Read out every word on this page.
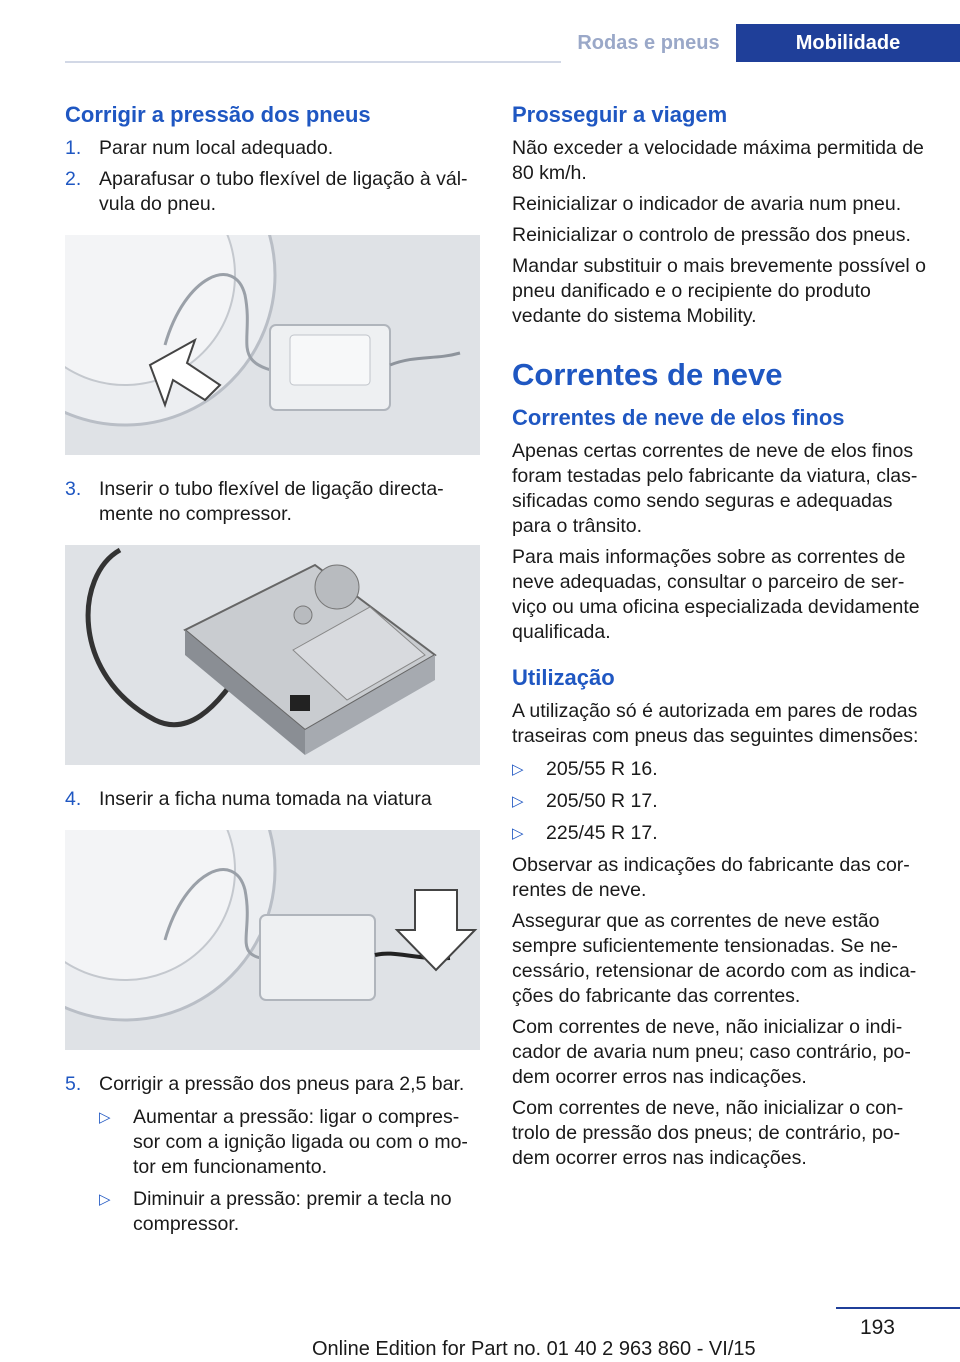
Rodas e pneus	Mobilidade
Corrigir a pressão dos pneus
1. Parar num local adequado.
2. Aparafusar o tubo flexível de ligação à vál‐ vula do pneu.
3. Inserir o tubo flexível de ligação directa‐ mente no compressor.
4. Inserir a ficha numa tomada na viatura
5. Corrigir a pressão dos pneus para 2,5 bar.
▷	Aumentar a pressão: ligar o compres‐ sor com a ignição ligada ou com o mo‐ tor em funcionamento.
▷	Diminuir a pressão: premir a tecla no compressor.
Prosseguir a viagem

Não exceder a velocidade máxima permitida de 80 km/h.

Reinicializar o indicador de avaria num pneu.

Reinicializar o controlo de pressão dos pneus.

Mandar substituir o mais brevemente possível o pneu danificado e o recipiente do produto vedante do sistema Mobility.

Correntes de neve
Correntes de neve de elos finos

Apenas certas correntes de neve de elos finos foram testadas pelo fabricante da viatura, clas‐ sificadas como sendo seguras e adequadas para o trânsito.

Para mais informações sobre as correntes de neve adequadas, consultar o parceiro de ser‐ viço ou uma oficina especializada devidamente qualificada.

Utilização

A utilização só é autorizada em pares de rodas traseiras com pneus das seguintes dimensões:

▷	205/55 R 16.
▷	205/50 R 17.
▷	225/45 R 17.

Observar as indicações do fabricante das cor‐ rentes de neve.

Assegurar que as correntes de neve estão sempre suficientemente tensionadas. Se ne‐ cessário, retensionar de acordo com as indica‐ ções do fabricante das correntes.

Com correntes de neve, não inicializar o indi‐ cador de avaria num pneu; caso contrário, po‐ dem ocorrer erros nas indicações.

Com correntes de neve, não inicializar o con‐ trolo de pressão dos pneus; de contrário, po‐ dem ocorrer erros nas indicações.

193
Online Edition for Part no. 01 40 2 963 860 - VI/15
